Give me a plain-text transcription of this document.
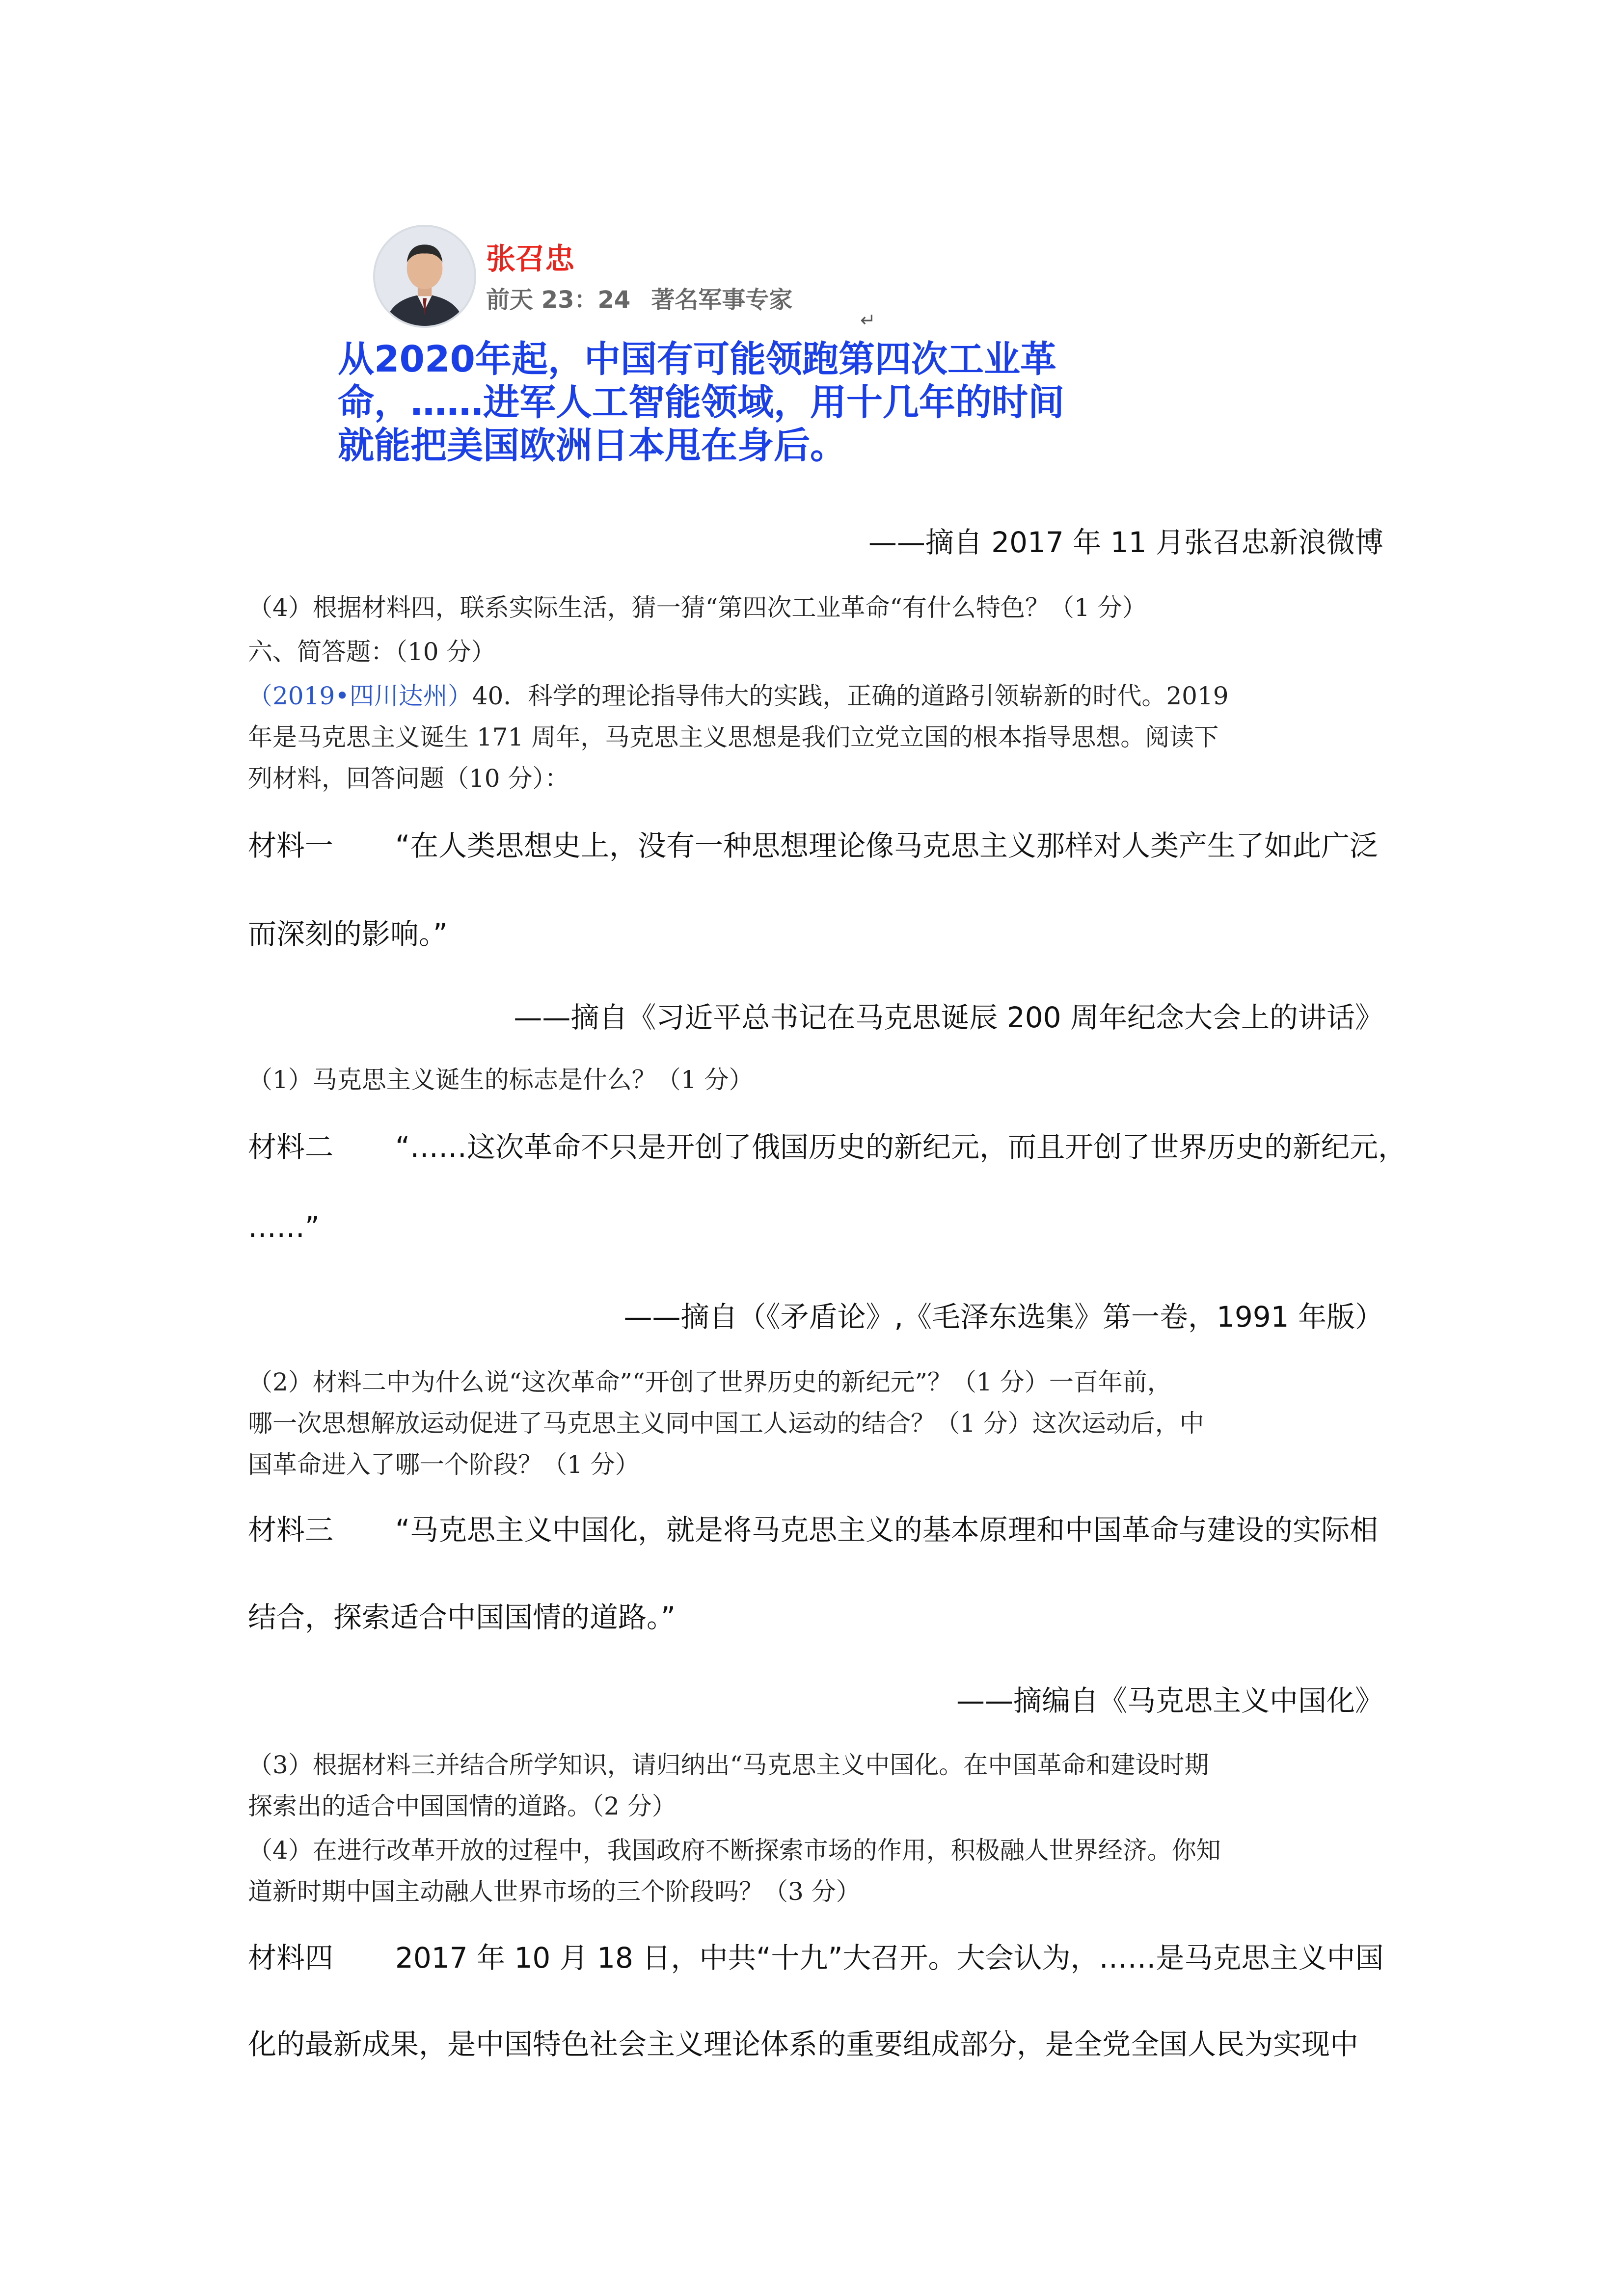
张召忠
前天 23：24 著名军事专家
↵
从2020年起，中国有可能领跑第四次工业革
命，……进军人工智能领域，用十几年的时间
就能把美国欧洲日本甩在身后。
——摘自 2017 年 11 月张召忠新浪微博
（4）根据材料四，联系实际生活，猜一猜“第四次工业革命“有什么特色？（1 分）
六、简答题：（10 分）
（2019•四川达州）40．科学的理论指导伟大的实践，正确的道路引领崭新的时代。2019
年是马克思主义诞生 171 周年，马克思主义思想是我们立党立国的根本指导思想。阅读下
列材料，回答问题（10 分）：
材料一 “在人类思想史上，没有一种思想理论像马克思主义那样对人类产生了如此广泛
而深刻的影响。”
——摘自《习近平总书记在马克思诞辰 200 周年纪念大会上的讲话》
（1）马克思主义诞生的标志是什么？（1 分）
材料二 “……这次革命不只是开创了俄国历史的新纪元，而且开创了世界历史的新纪元，
……”
——摘自（《矛盾论》,《毛泽东选集》第一卷，1991 年版）
（2）材料二中为什么说“这次革命”“开创了世界历史的新纪元”？（1 分）一百年前，
哪一次思想解放运动促进了马克思主义同中国工人运动的结合？（1 分）这次运动后，中
国革命进入了哪一个阶段？（1 分）
材料三 “马克思主义中国化，就是将马克思主义的基本原理和中国革命与建设的实际相
结合，探索适合中国国情的道路。”
——摘编自《马克思主义中国化》
（3）根据材料三并结合所学知识，请归纳出“马克思主义中国化。在中国革命和建设时期
探索出的适合中国国情的道路。（2 分）
（4）在进行改革开放的过程中，我国政府不断探索市场的作用，积极融人世界经济。你知
道新时期中国主动融人世界市场的三个阶段吗？（3 分）
材料四 2017 年 10 月 18 日，中共“十九”大召开。大会认为，……是马克思主义中国
化的最新成果，是中国特色社会主义理论体系的重要组成部分，是全党全国人民为实现中
